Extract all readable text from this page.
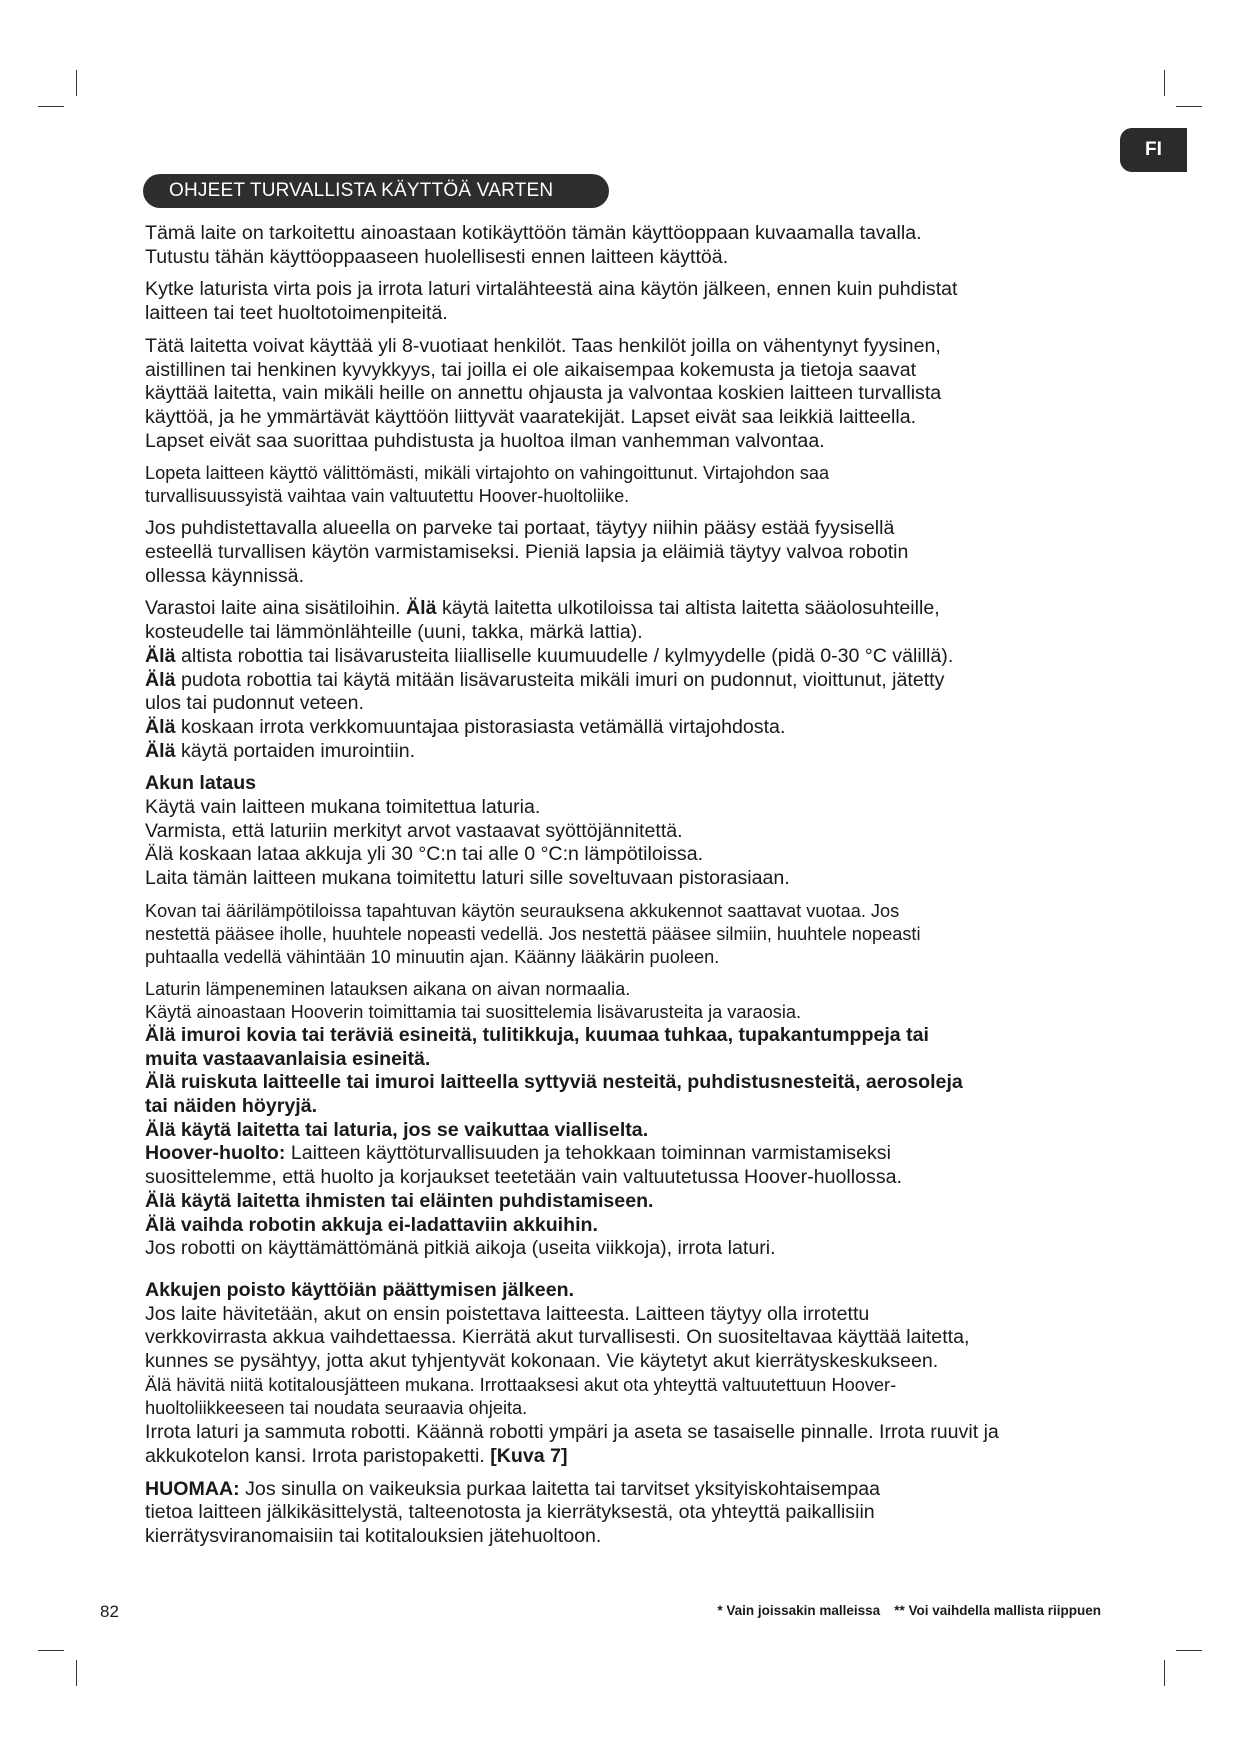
FI
OHJEET TURVALLISTA KÄYTTÖÄ VARTEN
Tämä laite on tarkoitettu ainoastaan kotikäyttöön tämän käyttöoppaan kuvaamalla tavalla.
Tutustu tähän käyttöoppaaseen huolellisesti ennen laitteen käyttöä.
Kytke laturista virta pois ja irrota laturi virtalähteestä aina käytön jälkeen, ennen kuin puhdistat
laitteen tai teet huoltotoimenpiteitä.
Tätä laitetta voivat käyttää yli 8-vuotiaat henkilöt. Taas henkilöt joilla on vähentynyt fyysinen,
aistillinen tai henkinen kyvykkyys, tai joilla ei ole aikaisempaa kokemusta ja tietoja saavat
käyttää laitetta, vain mikäli heille on annettu ohjausta ja valvontaa koskien laitteen turvallista
käyttöä, ja he ymmärtävät käyttöön liittyvät vaaratekijät. Lapset eivät saa leikkiä laitteella.
Lapset eivät saa suorittaa puhdistusta ja huoltoa ilman vanhemman valvontaa.
Lopeta laitteen käyttö välittömästi, mikäli virtajohto on vahingoittunut. Virtajohdon saa
turvallisuussyistä vaihtaa vain valtuutettu Hoover-huoltoliike.
Jos puhdistettavalla alueella on parveke tai portaat, täytyy niihin pääsy estää fyysisellä
esteellä turvallisen käytön varmistamiseksi. Pieniä lapsia ja eläimiä täytyy valvoa robotin
ollessa käynnissä.
Varastoi laite aina sisätiloihin. Älä käytä laitetta ulkotiloissa tai altista laitetta sääolosuhteille,
kosteudelle tai lämmönlähteille (uuni, takka, märkä lattia).
Älä altista robottia tai lisävarusteita liialliselle kuumuudelle / kylmyydelle (pidä 0-30 °C välillä).
Älä pudota robottia tai käytä mitään lisävarusteita mikäli imuri on pudonnut, vioittunut, jätetty
ulos tai pudonnut veteen.
Älä koskaan irrota verkkomuuntajaa pistorasiasta vetämällä virtajohdosta.
Älä käytä portaiden imurointiin.
Akun lataus
Käytä vain laitteen mukana toimitettua laturia.
Varmista, että laturiin merkityt arvot vastaavat syöttöjännitettä.
Älä koskaan lataa akkuja yli 30 °C:n tai alle 0 °C:n lämpötiloissa.
Laita tämän laitteen mukana toimitettu laturi sille soveltuvaan pistorasiaan.
Kovan tai äärilämpötiloissa tapahtuvan käytön seurauksena akkukennot saattavat vuotaa. Jos
nestettä pääsee iholle, huuhtele nopeasti vedellä. Jos nestettä pääsee silmiin, huuhtele nopeasti
puhtaalla vedellä vähintään 10 minuutin ajan. Käänny lääkärin puoleen.
Laturin lämpeneminen latauksen aikana on aivan normaalia.
Käytä ainoastaan Hooverin toimittamia tai suosittelemia lisävarusteita ja varaosia.
Älä imuroi kovia tai teräviä esineitä, tulitikkuja, kuumaa tuhkaa, tupakantumppeja tai
muita vastaavanlaisia esineitä.
Älä ruiskuta laitteelle tai imuroi laitteella syttyviä nesteitä, puhdistusnesteitä, aerosoleja
tai näiden höyryjä.
Älä käytä laitetta tai laturia, jos se vaikuttaa vialliselta.
Hoover-huolto: Laitteen käyttöturvallisuuden ja tehokkaan toiminnan varmistamiseksi
suosittelemme, että huolto ja korjaukset teetetään vain valtuutetussa Hoover-huollossa.
Älä käytä laitetta ihmisten tai eläinten puhdistamiseen.
Älä vaihda robotin akkuja ei-ladattaviin akkuihin.
Jos robotti on käyttämättömänä pitkiä aikoja (useita viikkoja), irrota laturi.
Akkujen poisto käyttöiän päättymisen jälkeen.
Jos laite hävitetään, akut on ensin poistettava laitteesta. Laitteen täytyy olla irrotettu
verkkovirrasta akkua vaihdettaessa. Kierrätä akut turvallisesti. On suositeltavaa käyttää laitetta,
kunnes se pysähtyy, jotta akut tyhjentyvät kokonaan. Vie käytetyt akut kierrätyskeskukseen.
Älä hävitä niitä kotitalousjätteen mukana. Irrottaaksesi akut ota yhteyttä valtuutettuun Hoover-
huoltoliikkeeseen tai noudata seuraavia ohjeita.
Irrota laturi ja sammuta robotti. Käännä robotti ympäri ja aseta se tasaiselle pinnalle. Irrota ruuvit ja
akkukotelon kansi. Irrota paristopaketti. [Kuva 7]
HUOMAA: Jos sinulla on vaikeuksia purkaa laitetta tai tarvitset yksityiskohtaisempaa
tietoa laitteen jälkikäsittelystä, talteenotosta ja kierrätyksestä, ota yhteyttä paikallisiin
kierrätysviranomaisiin tai kotitalouksien jätehuoltoon.
82	* Vain joissakin malleissa ** Voi vaihdella mallista riippuen
